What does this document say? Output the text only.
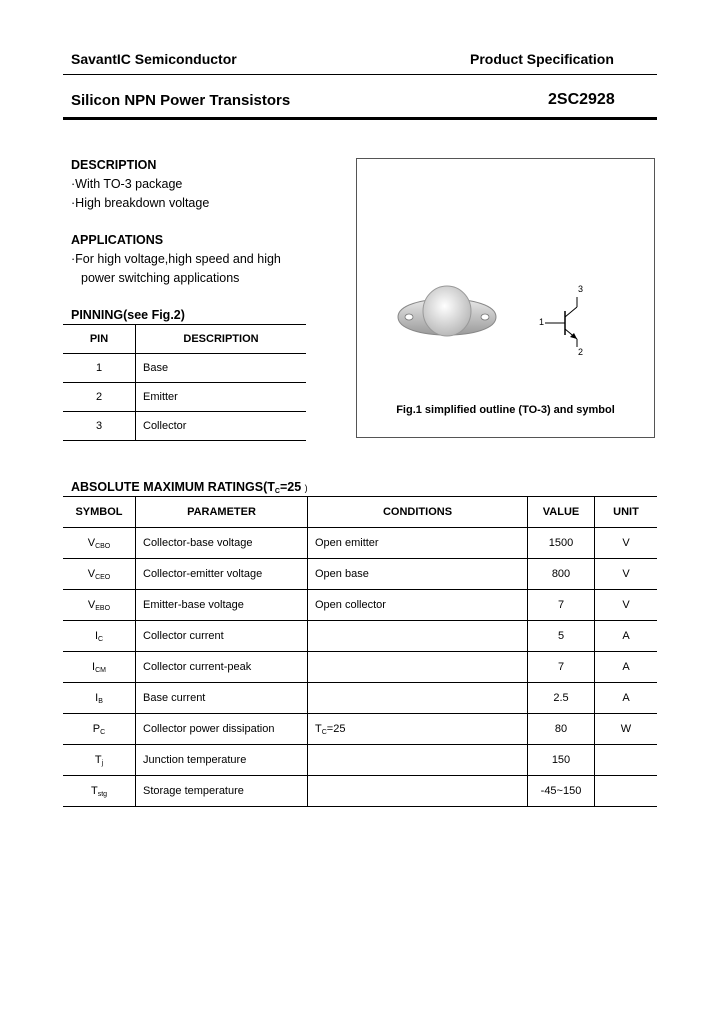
SavantIC Semiconductor	Product Specification
Silicon NPN Power Transistors	2SC2928
DESCRIPTION
·With TO-3 package
·High breakdown voltage
APPLICATIONS
·For high voltage,high speed and high
power switching applications
PINNING(see Fig.2)
PIN	DESCRIPTION
1	Base
2	Emitter
3	Collector
3
1
2
Fig.1 simplified outline (TO-3) and symbol
ABSOLUTE MAXIMUM $RATINGS(T_C=25$ )
SYMBOL	PARAMETER	CONDITIONS	VALUE	UNIT
$V_{CBO}$	Collector-base voltage	Open emitter	1500	V
$V_{CEO}$	Collector-emitter voltage	Open base	800	V
$V_{EBO}$	Emitter-base voltage	Open collector	7	V
$I_C$	Collector current		5	A
$I_{CM}$	Collector current-peak		7	A
$I_B$	Base current		2.5	A
$P_C$	Collector power dissipation	$T_C=25$	80	W
$T_j$	Junction temperature		150	
$T_{stg}$	Storage temperature		-45~150	
